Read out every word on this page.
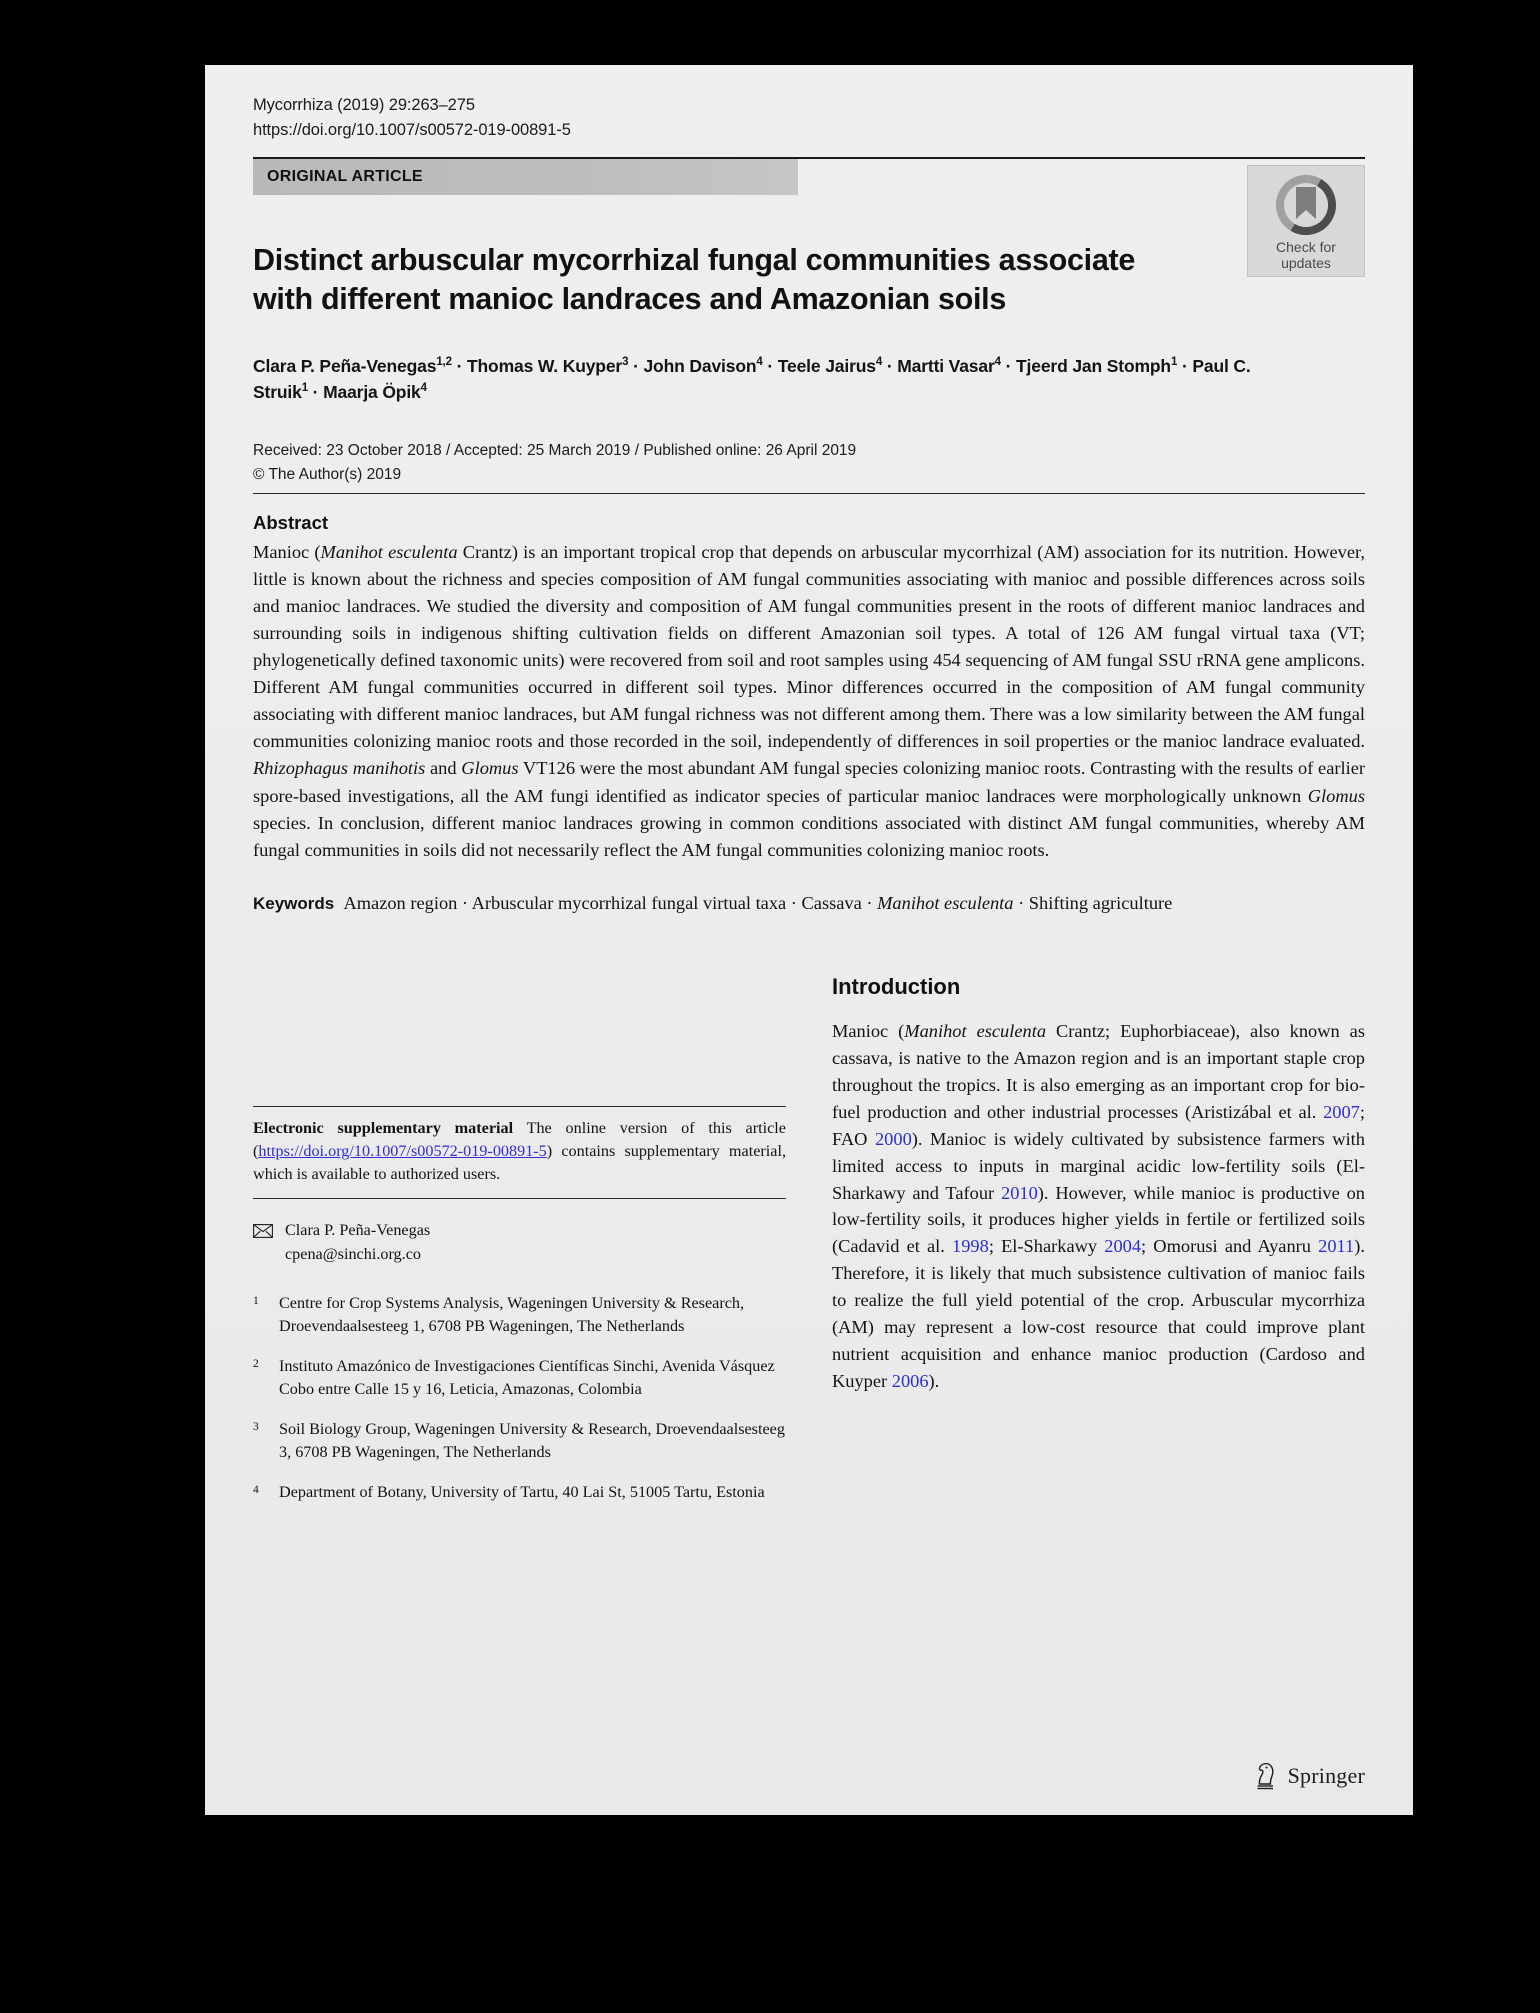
Mycorrhiza (2019) 29:263–275
https://doi.org/10.1007/s00572-019-00891-5
ORIGINAL ARTICLE
Check for
updates
Distinct arbuscular mycorrhizal fungal communities associate with different manioc landraces and Amazonian soils
Clara P. Peña-Venegas$^{1,2}$ · Thomas W. Kuyper$^3$ · John Davison$^4$ · Teele Jairus$^4$ · Martti Vasar$^4$ · Tjeerd Jan Stomph$^1$ · Paul C. Struik$^1$ · Maarja Öpik$^4$
Received: 23 October 2018 / Accepted: 25 March 2019 / Published online: 26 April 2019
© The Author(s) 2019
Abstract
Manioc (Manihot esculenta Crantz) is an important tropical crop that depends on arbuscular mycorrhizal (AM) association for its nutrition. However, little is known about the richness and species composition of AM fungal communities associating with manioc and possible differences across soils and manioc landraces. We studied the diversity and composition of AM fungal communities present in the roots of different manioc landraces and surrounding soils in indigenous shifting cultivation fields on different Amazonian soil types. A total of 126 AM fungal virtual taxa (VT; phylogenetically defined taxonomic units) were recovered from soil and root samples using 454 sequencing of AM fungal SSU rRNA gene amplicons. Different AM fungal communities occurred in different soil types. Minor differences occurred in the composition of AM fungal community associating with different manioc landraces, but AM fungal richness was not different among them. There was a low similarity between the AM fungal communities colonizing manioc roots and those recorded in the soil, independently of differences in soil properties or the manioc landrace evaluated. Rhizophagus manihotis and Glomus VT126 were the most abundant AM fungal species colonizing manioc roots. Contrasting with the results of earlier spore-based investigations, all the AM fungi identified as indicator species of particular manioc landraces were morphologically unknown Glomus species. In conclusion, different manioc landraces growing in common conditions associated with distinct AM fungal communities, whereby AM fungal communities in soils did not necessarily reflect the AM fungal communities colonizing manioc roots.
Keywords Amazon region · Arbuscular mycorrhizal fungal virtual taxa · Cassava · Manihot esculenta · Shifting agriculture
Electronic supplementary material The online version of this article (https://doi.org/10.1007/s00572-019-00891-5) contains supplementary material, which is available to authorized users.
Clara P. Peña-Venegas
cpena@sinchi.org.co
1	Centre for Crop Systems Analysis, Wageningen University & Research, Droevendaalsesteeg 1, 6708 PB Wageningen, The Netherlands
2	Instituto Amazónico de Investigaciones Científicas Sinchi, Avenida Vásquez Cobo entre Calle 15 y 16, Leticia, Amazonas, Colombia
3	Soil Biology Group, Wageningen University & Research, Droevendaalsesteeg 3, 6708 PB Wageningen, The Netherlands
4	Department of Botany, University of Tartu, 40 Lai St, 51005 Tartu, Estonia
Introduction
Manioc (Manihot esculenta Crantz; Euphorbiaceae), also known as cassava, is native to the Amazon region and is an important staple crop throughout the tropics. It is also emerging as an important crop for bio-fuel production and other industrial processes (Aristizábal et al. 2007; FAO 2000). Manioc is widely cultivated by subsistence farmers with limited access to inputs in marginal acidic low-fertility soils (El-Sharkawy and Tafour 2010). However, while manioc is productive on low-fertility soils, it produces higher yields in fertile or fertilized soils (Cadavid et al. 1998; El-Sharkawy 2004; Omorusi and Ayanru 2011). Therefore, it is likely that much subsistence cultivation of manioc fails to realize the full yield potential of the crop. Arbuscular mycorrhiza (AM) may represent a low-cost resource that could improve plant nutrient acquisition and enhance manioc production (Cardoso and Kuyper 2006).
Springer
